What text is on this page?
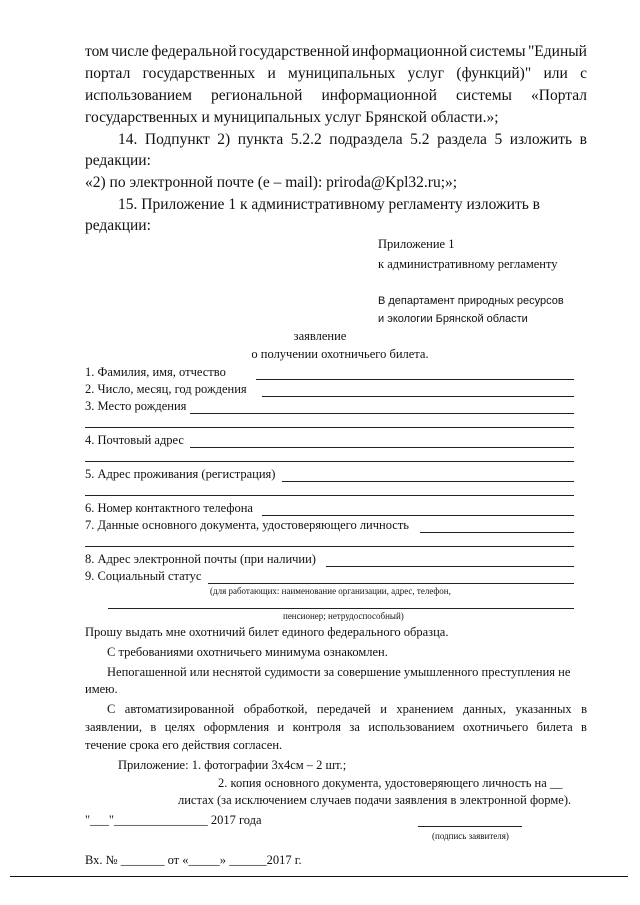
том числе федеральной государственной информационной системы "Единый
портал государственных и муниципальных услуг (функций)" или с
использованием региональной информационной системы «Портал
государственных и муниципальных услуг Брянской области.»;
14. Подпункт 2) пункта 5.2.2 подраздела 5.2 раздела 5 изложить в
редакции:
«2) по электронной почте (e – mail): priroda@Kpl32.ru;»;
15. Приложение 1 к административному регламенту изложить в
редакции:
Приложение 1
к административному регламенту
В департамент природных ресурсов
и экологии Брянской области
заявление
о получении охотничьего билета.
1. Фамилия, имя, отчество
2. Число, месяц, год рождения
3. Место рождения
4. Почтовый адрес
5. Адрес проживания (регистрация)
6. Номер контактного телефона
7. Данные основного документа, удостоверяющего личность
8. Адрес электронной почты (при наличии)
9. Социальный статус
(для работающих: наименование организации, адрес, телефон,
пенсионер; нетрудоспособный)
Прошу выдать мне охотничий билет единого федерального образца.
С требованиями охотничьего минимума ознакомлен.
Непогашенной или неснятой судимости за совершение умышленного преступления не
имею.
С автоматизированной обработкой, передачей и хранением данных, указанных в
заявлении, в целях оформления и контроля за использованием охотничьего билета в
течение срока его действия согласен.
Приложение: 1. фотографии 3х4см – 2 шт.;
2. копия основного документа, удостоверяющего личность на __
листах (за исключением случаев подачи заявления в электронной форме).
"___"_______________ 2017 года
(подпись заявителя)
Вх. № _______ от «_____» ______2017 г.
